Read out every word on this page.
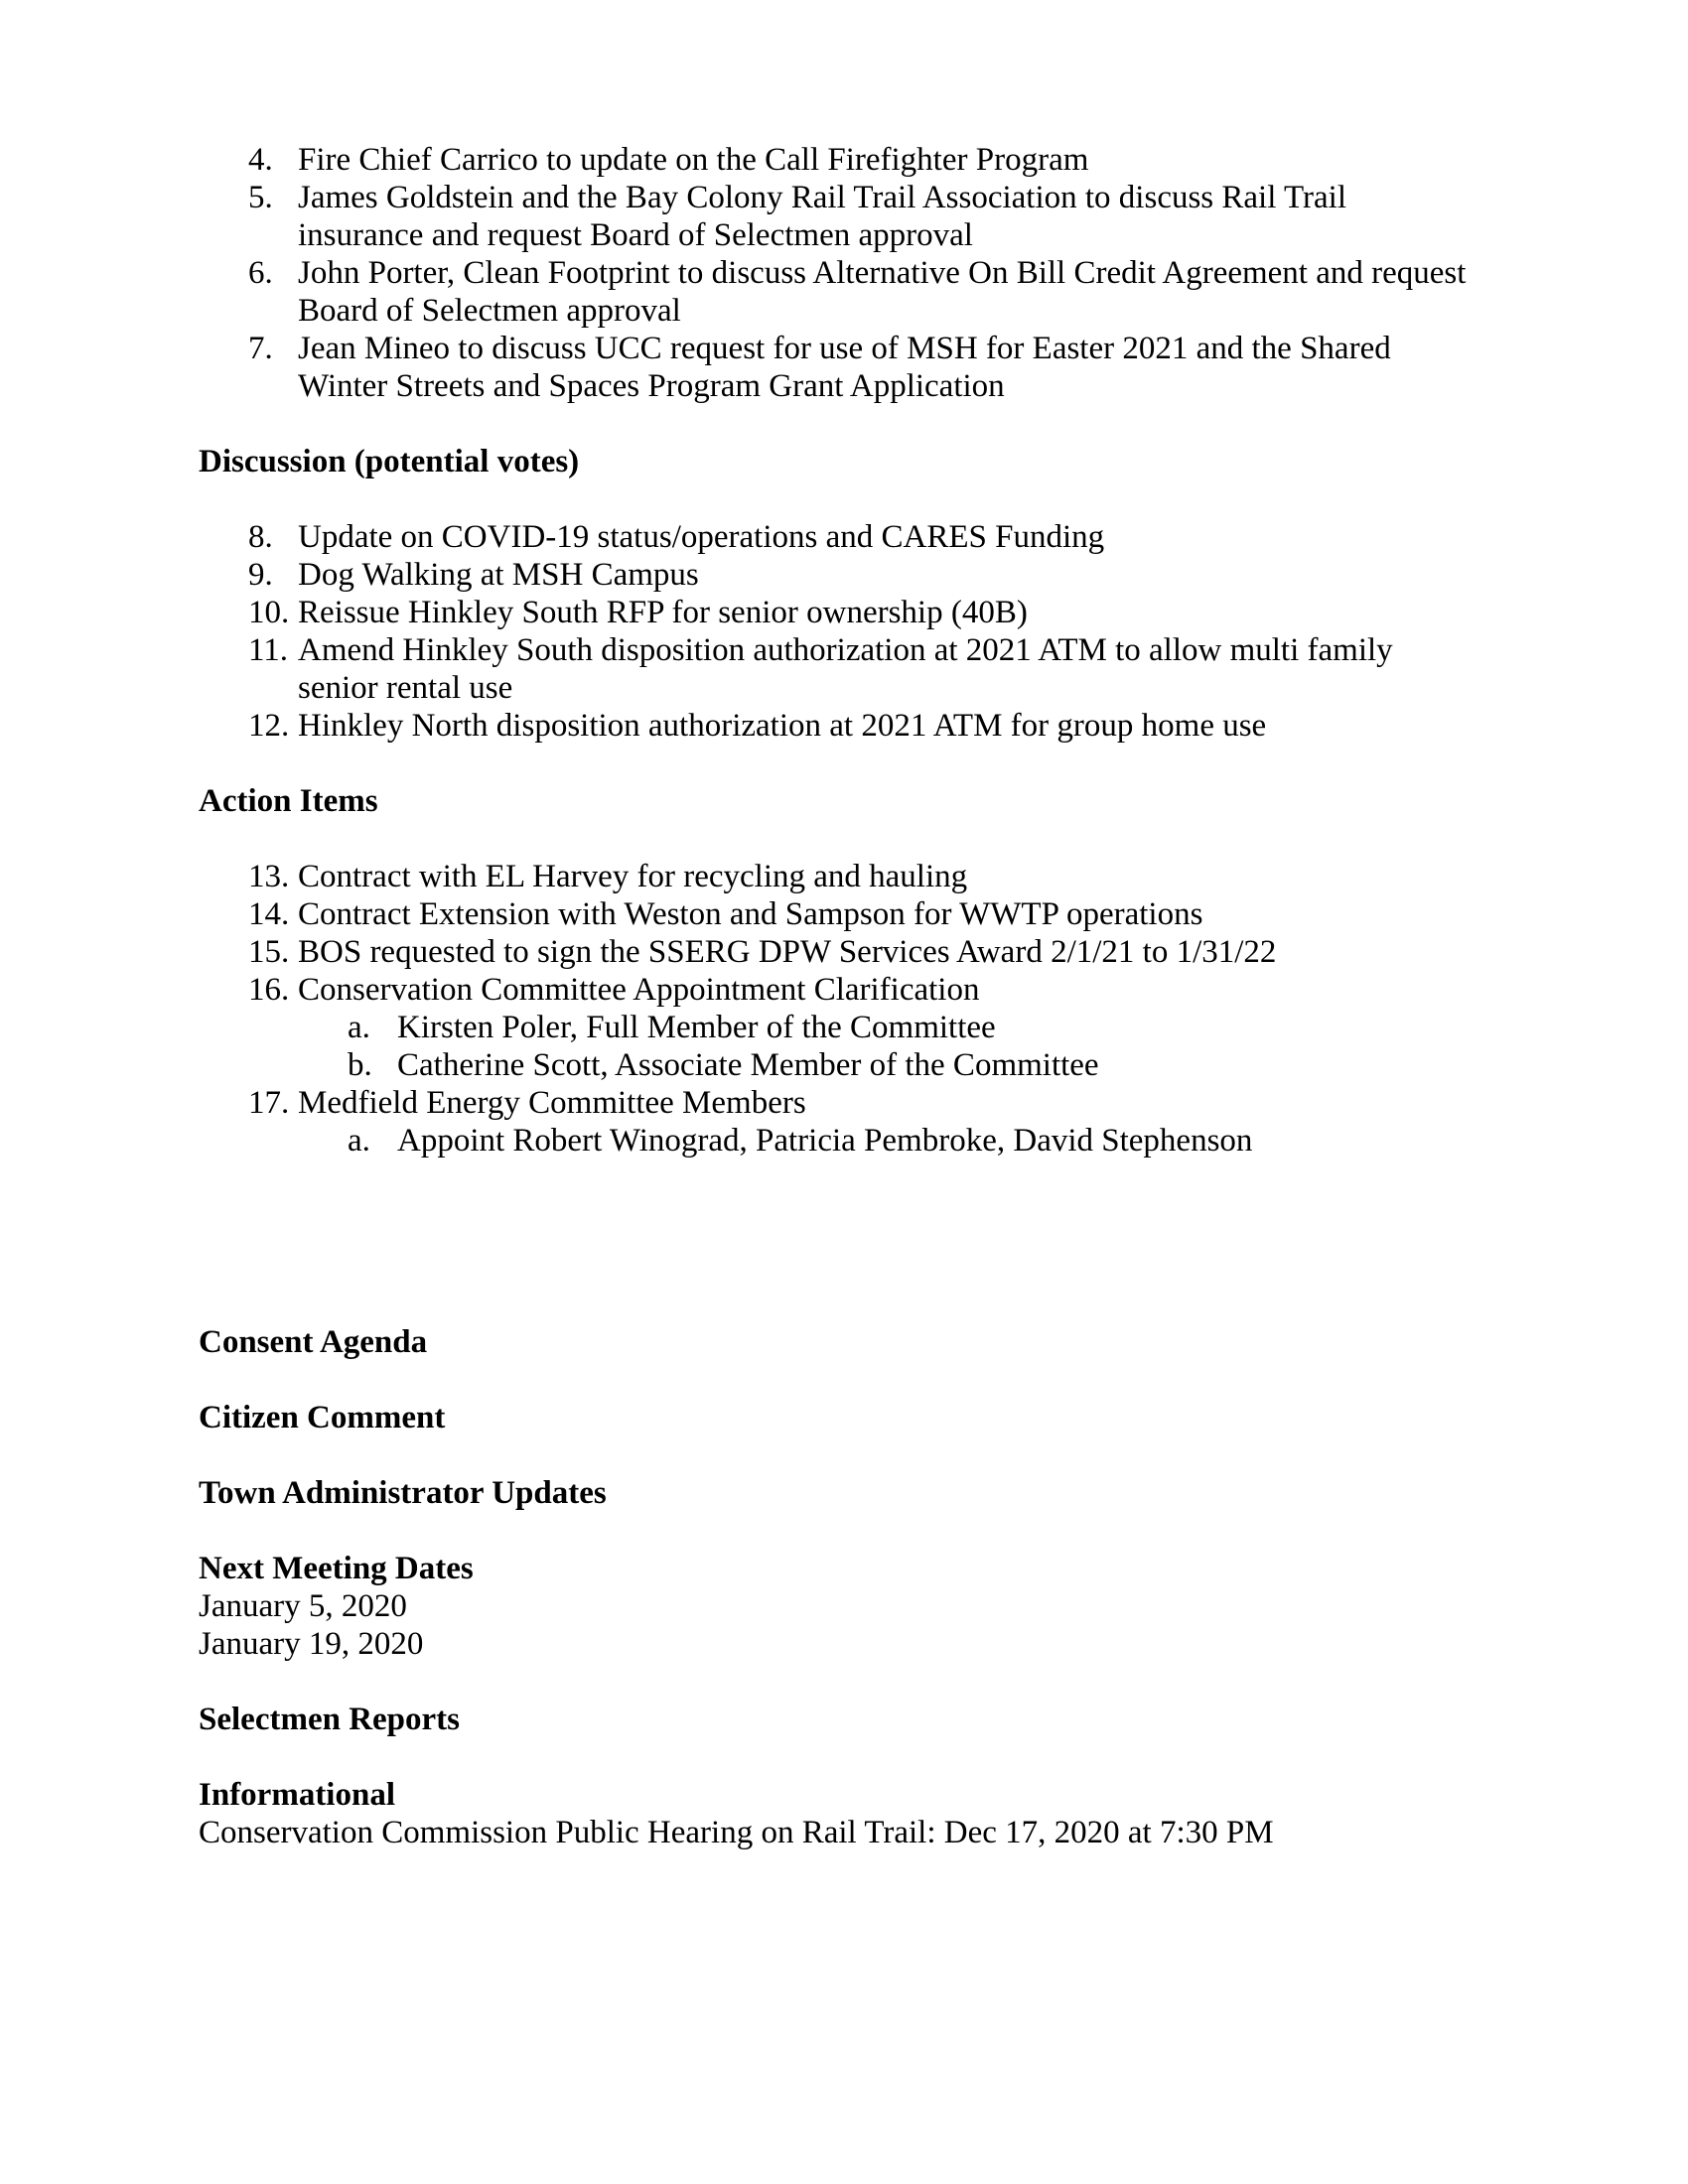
4. Fire Chief Carrico to update on the Call Firefighter Program
5. James Goldstein and the Bay Colony Rail Trail Association to discuss Rail Trail
insurance and request Board of Selectmen approval
6. John Porter, Clean Footprint to discuss Alternative On Bill Credit Agreement and request
Board of Selectmen approval
7. Jean Mineo to discuss UCC request for use of MSH for Easter 2021 and the Shared
Winter Streets and Spaces Program Grant Application
Discussion (potential votes)
8. Update on COVID-19 status/operations and CARES Funding
9. Dog Walking at MSH Campus
10. Reissue Hinkley South RFP for senior ownership (40B)
11. Amend Hinkley South disposition authorization at 2021 ATM to allow multi family
senior rental use
12. Hinkley North disposition authorization at 2021 ATM for group home use
Action Items
13. Contract with EL Harvey for recycling and hauling
14. Contract Extension with Weston and Sampson for WWTP operations
15. BOS requested to sign the SSERG DPW Services Award 2/1/21 to 1/31/22
16. Conservation Committee Appointment Clarification
a. Kirsten Poler, Full Member of the Committee
b. Catherine Scott, Associate Member of the Committee
17. Medfield Energy Committee Members
a. Appoint Robert Winograd, Patricia Pembroke, David Stephenson
Consent Agenda
Citizen Comment
Town Administrator Updates
Next Meeting Dates
January 5, 2020
January 19, 2020
Selectmen Reports
Informational
Conservation Commission Public Hearing on Rail Trail: Dec 17, 2020 at 7:30 PM
